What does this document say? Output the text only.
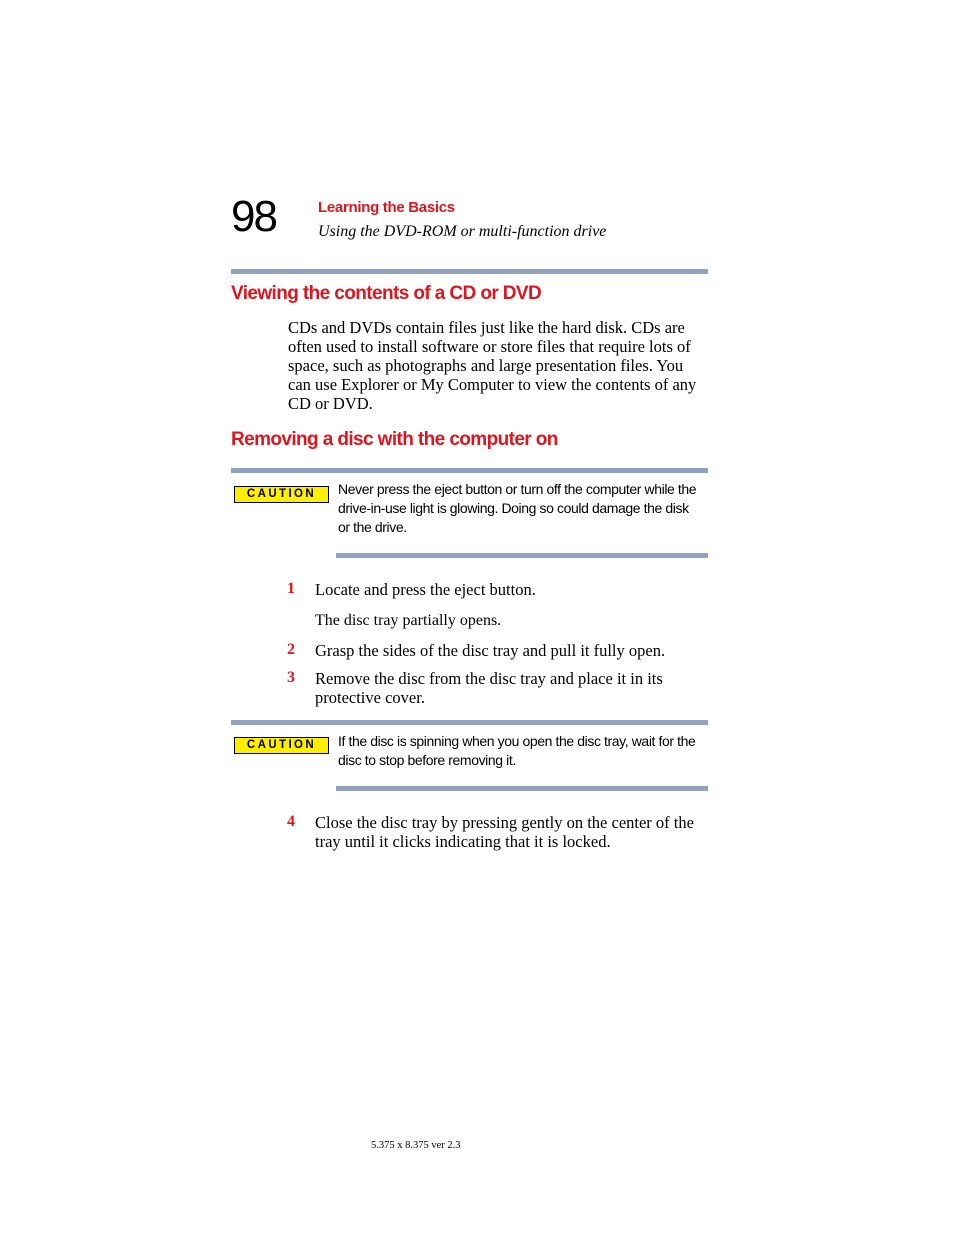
98	Learning the Basics
Using the DVD-ROM or multi-function drive
Viewing the contents of a CD or DVD
CDs and DVDs contain files just like the hard disk. CDs are
often used to install software or store files that require lots of
space, such as photographs and large presentation files. You
can use Explorer or My Computer to view the contents of any
CD or DVD.
Removing a disc with the computer on
CAUTION	Never press the eject button or turn off the computer while the
drive-in-use light is glowing. Doing so could damage the disk
or the drive.
1	Locate and press the eject button.
The disc tray partially opens.
2	Grasp the sides of the disc tray and pull it fully open.
3	Remove the disc from the disc tray and place it in its
protective cover.
CAUTION	If the disc is spinning when you open the disc tray, wait for the
disc to stop before removing it.
4	Close the disc tray by pressing gently on the center of the
tray until it clicks indicating that it is locked.
5.375 x 8.375 ver 2.3
